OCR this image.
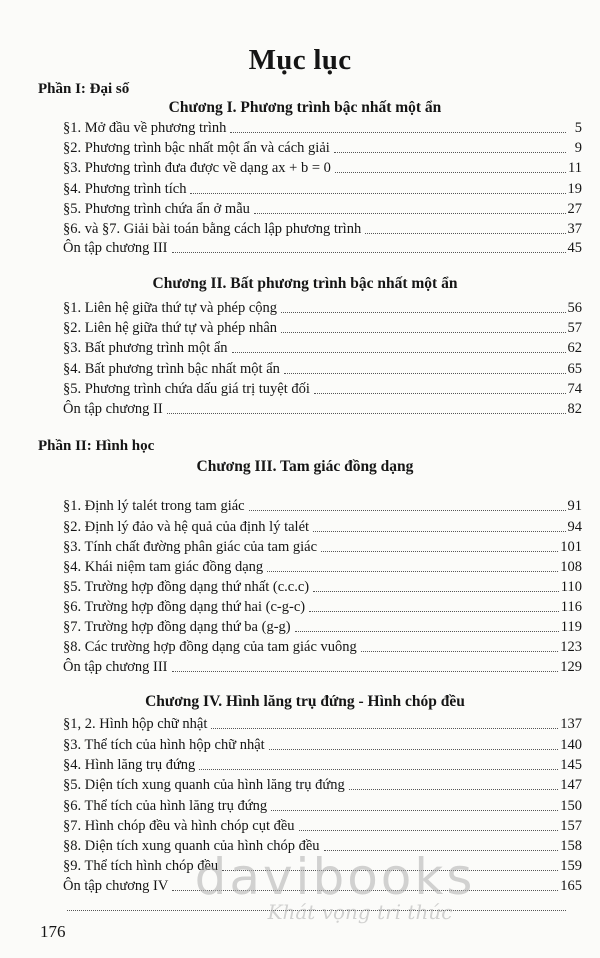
Mục lục
Phần I: Đại số
Chương I. Phương trình bậc nhất một ẩn
§1. Mở đầu về phương trình	5
§2. Phương trình bậc nhất một ẩn và cách giải	9
§3. Phương trình đưa được về dạng ax + b = 0	11
§4. Phương trình tích	19
§5. Phương trình chứa ẩn ở mẫu	27
§6. và §7. Giải bài toán bằng cách lập phương trình	37
Ôn tập chương III	45
Chương II. Bất phương trình bậc nhất một ẩn
§1. Liên hệ giữa thứ tự và phép cộng	56
§2. Liên hệ giữa thứ tự và phép nhân	57
§3. Bất phương trình một ẩn	62
§4. Bất phương trình bậc nhất một ẩn	65
§5. Phương trình chứa dấu giá trị tuyệt đối	74
Ôn tập chương II	82
Phần II: Hình học
Chương III. Tam giác đồng dạng
§1. Định lý talét trong tam giác	91
§2. Định lý đảo và hệ quả của định lý talét	94
§3. Tính chất đường phân giác của tam giác	101
§4. Khái niệm tam giác đồng dạng	108
§5. Trường hợp đồng dạng thứ nhất (c.c.c)	110
§6. Trường hợp đồng dạng thứ hai (c-g-c)	116
§7. Trường hợp đồng dạng thứ ba (g-g)	119
§8. Các trường hợp đồng dạng của tam giác vuông	123
Ôn tập chương III	129
Chương IV. Hình lăng trụ đứng - Hình chóp đều
§1, 2. Hình hộp chữ nhật	137
§3. Thể tích của hình hộp chữ nhật	140
§4. Hình lăng trụ đứng	145
§5. Diện tích xung quanh của hình lăng trụ đứng	147
§6. Thể tích của hình lăng trụ đứng	150
§7. Hình chóp đều và hình chóp cụt đều	157
§8. Diện tích xung quanh của hình chóp đều	158
§9. Thể tích hình chóp đều	159
Ôn tập chương IV	165
176
davibooks
Khát vọng tri thức
